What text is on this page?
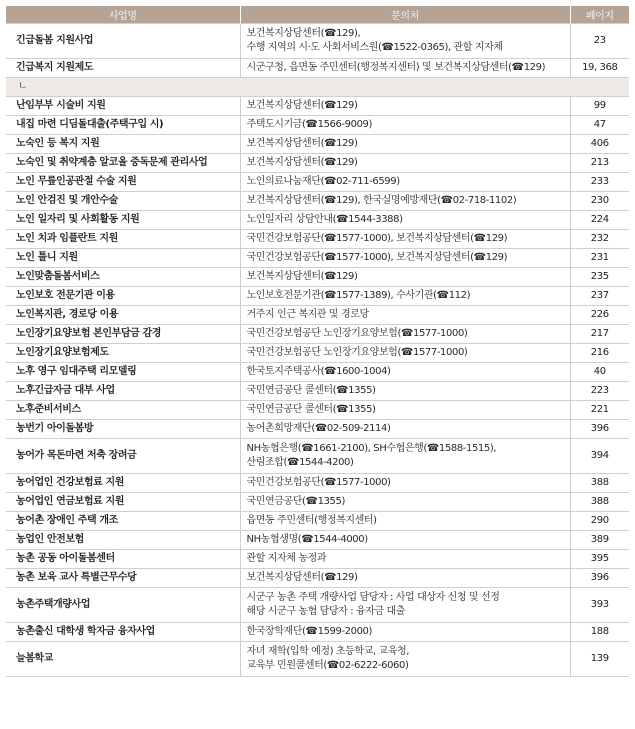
사업명	문의처	페이지
긴급돌봄 지원사업	보건복지상담센터(☎129),
수행 지역의 시·도 사회서비스원(☎1522-0365), 관할 지자체	23
긴급복지 지원제도	시군구청, 읍면동 주민센터(행정복지센터) 및 보건복지상담센터(☎129)	19, 368
ㄴ		
난임부부 시술비 지원	보건복지상담센터(☎129)	99
내집 마련 디딤돌대출(주택구입 시)	주택도시기금(☎1566-9009)	47
노숙인 등 복지 지원	보건복지상담센터(☎129)	406
노숙인 및 취약계층 알코올 중독문제 관리사업	보건복지상담센터(☎129)	213
노인 무릎인공관절 수술 지원	노인의료나눔재단(☎02-711-6599)	233
노인 안검진 및 개안수술	보건복지상담센터(☎129), 한국실명예방재단(☎02-718-1102)	230
노인 일자리 및 사회활동 지원	노인일자리 상담안내(☎1544-3388)	224
노인 치과 임플란트 지원	국민건강보험공단(☎1577-1000), 보건복지상담센터(☎129)	232
노인 틀니 지원	국민건강보험공단(☎1577-1000), 보건복지상담센터(☎129)	231
노인맞춤돌봄서비스	보건복지상담센터(☎129)	235
노인보호 전문기관 이용	노인보호전문기관(☎1577-1389), 수사기관(☎112)	237
노인복지관, 경로당 이용	거주지 인근 복지관 및 경로당	226
노인장기요양보험 본인부담금 감경	국민건강보험공단 노인장기요양보험(☎1577-1000)	217
노인장기요양보험제도	국민건강보험공단 노인장기요양보험(☎1577-1000)	216
노후 영구 임대주택 리모델링	한국토지주택공사(☎1600-1004)	40
노후긴급자금 대부 사업	국민연금공단 콜센터(☎1355)	223
노후준비서비스	국민연금공단 콜센터(☎1355)	221
농번기 아이돌봄방	농어촌희망재단(☎02-509-2114)	396
농어가 목돈마련 저축 장려금	NH농협은행(☎1661-2100), SH수협은행(☎1588-1515),
산림조합(☎1544-4200)	394
농어업인 건강보험료 지원	국민건강보험공단(☎1577-1000)	388
농어업인 연금보험료 지원	국민연금공단(☎1355)	388
농어촌 장애인 주택 개조	읍면동 주민센터(행정복지센터)	290
농업인 안전보험	NH농협생명(☎1544-4000)	389
농촌 공동 아이돌봄센터	관할 지자체 농정과	395
농촌 보육 교사 특별근무수당	보건복지상담센터(☎129)	396
농촌주택개량사업	시군구 농촌 주택 개량사업 담당자 : 사업 대상자 신청 및 선정
해당 시군구 농협 담당자 : 융자금 대출	393
농촌출신 대학생 학자금 융자사업	한국장학재단(☎1599-2000)	188
늘봄학교	자녀 재학(입학 예정) 초등학교, 교육청,
교육부 민원콜센터(☎02-6222-6060)	139
